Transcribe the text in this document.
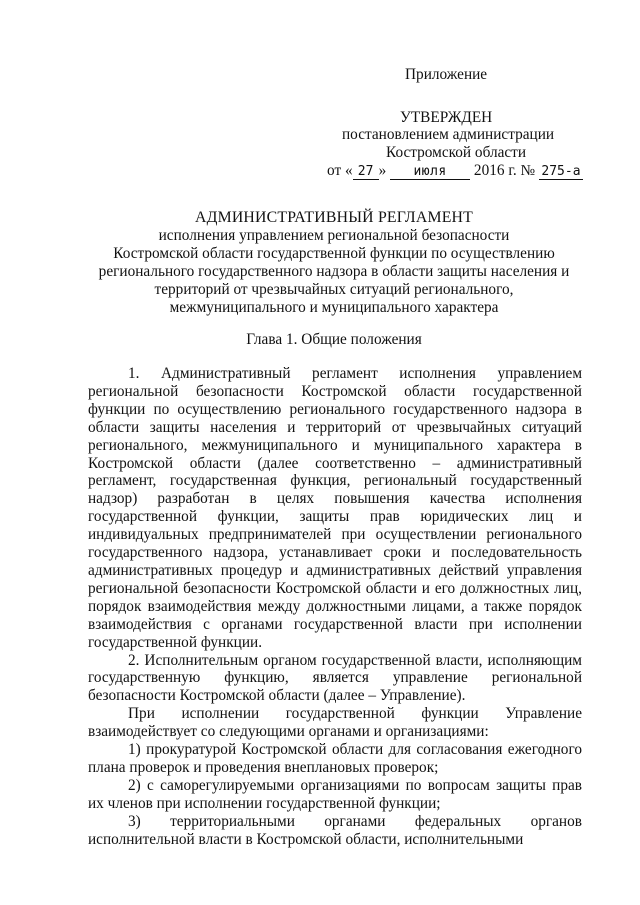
Приложение
УТВЕРЖДЕН
постановлением администрации
Костромской области
от « 27 » июля 2016 г. № 275-а

АДМИНИСТРАТИВНЫЙ РЕГЛАМЕНТ

исполнения управлением региональной безопасности

Костромской области государственной функции по осуществлению

регионального государственного надзора в области защиты населения и

территорий от чрезвычайных ситуаций регионального,

межмуниципального и муниципального характера

Глава 1. Общие положения

1. Административный регламент исполнения управлением региональной безопасности Костромской области государственной функции по осуществлению регионального государственного надзора в области защиты населения и территорий от чрезвычайных ситуаций регионального, межмуниципального и муниципального характера в Костромской области (далее соответственно – административный регламент, государственная функция, региональный государственный надзор) разработан в целях повышения качества исполнения государственной функции, защиты прав юридических лиц и индивидуальных предпринимателей при осуществлении регионального государственного надзора, устанавливает сроки и последовательность административных процедур и административных действий управления региональной безопасности Костромской области и его должностных лиц, порядок взаимодействия между должностными лицами, а также порядок взаимодействия с органами государственной власти при исполнении государственной функции.

2. Исполнительным органом государственной власти, исполняющим государственную функцию, является управление региональной безопасности Костромской области (далее – Управление).

При исполнении государственной функции Управление взаимодействует со следующими органами и организациями:

1) прокуратурой Костромской области для согласования ежегодного плана проверок и проведения внеплановых проверок;

2) с саморегулируемыми организациями по вопросам защиты прав их членов при исполнении государственной функции;

3) территориальными органами федеральных органов исполнительной власти в Костромской области, исполнительными
